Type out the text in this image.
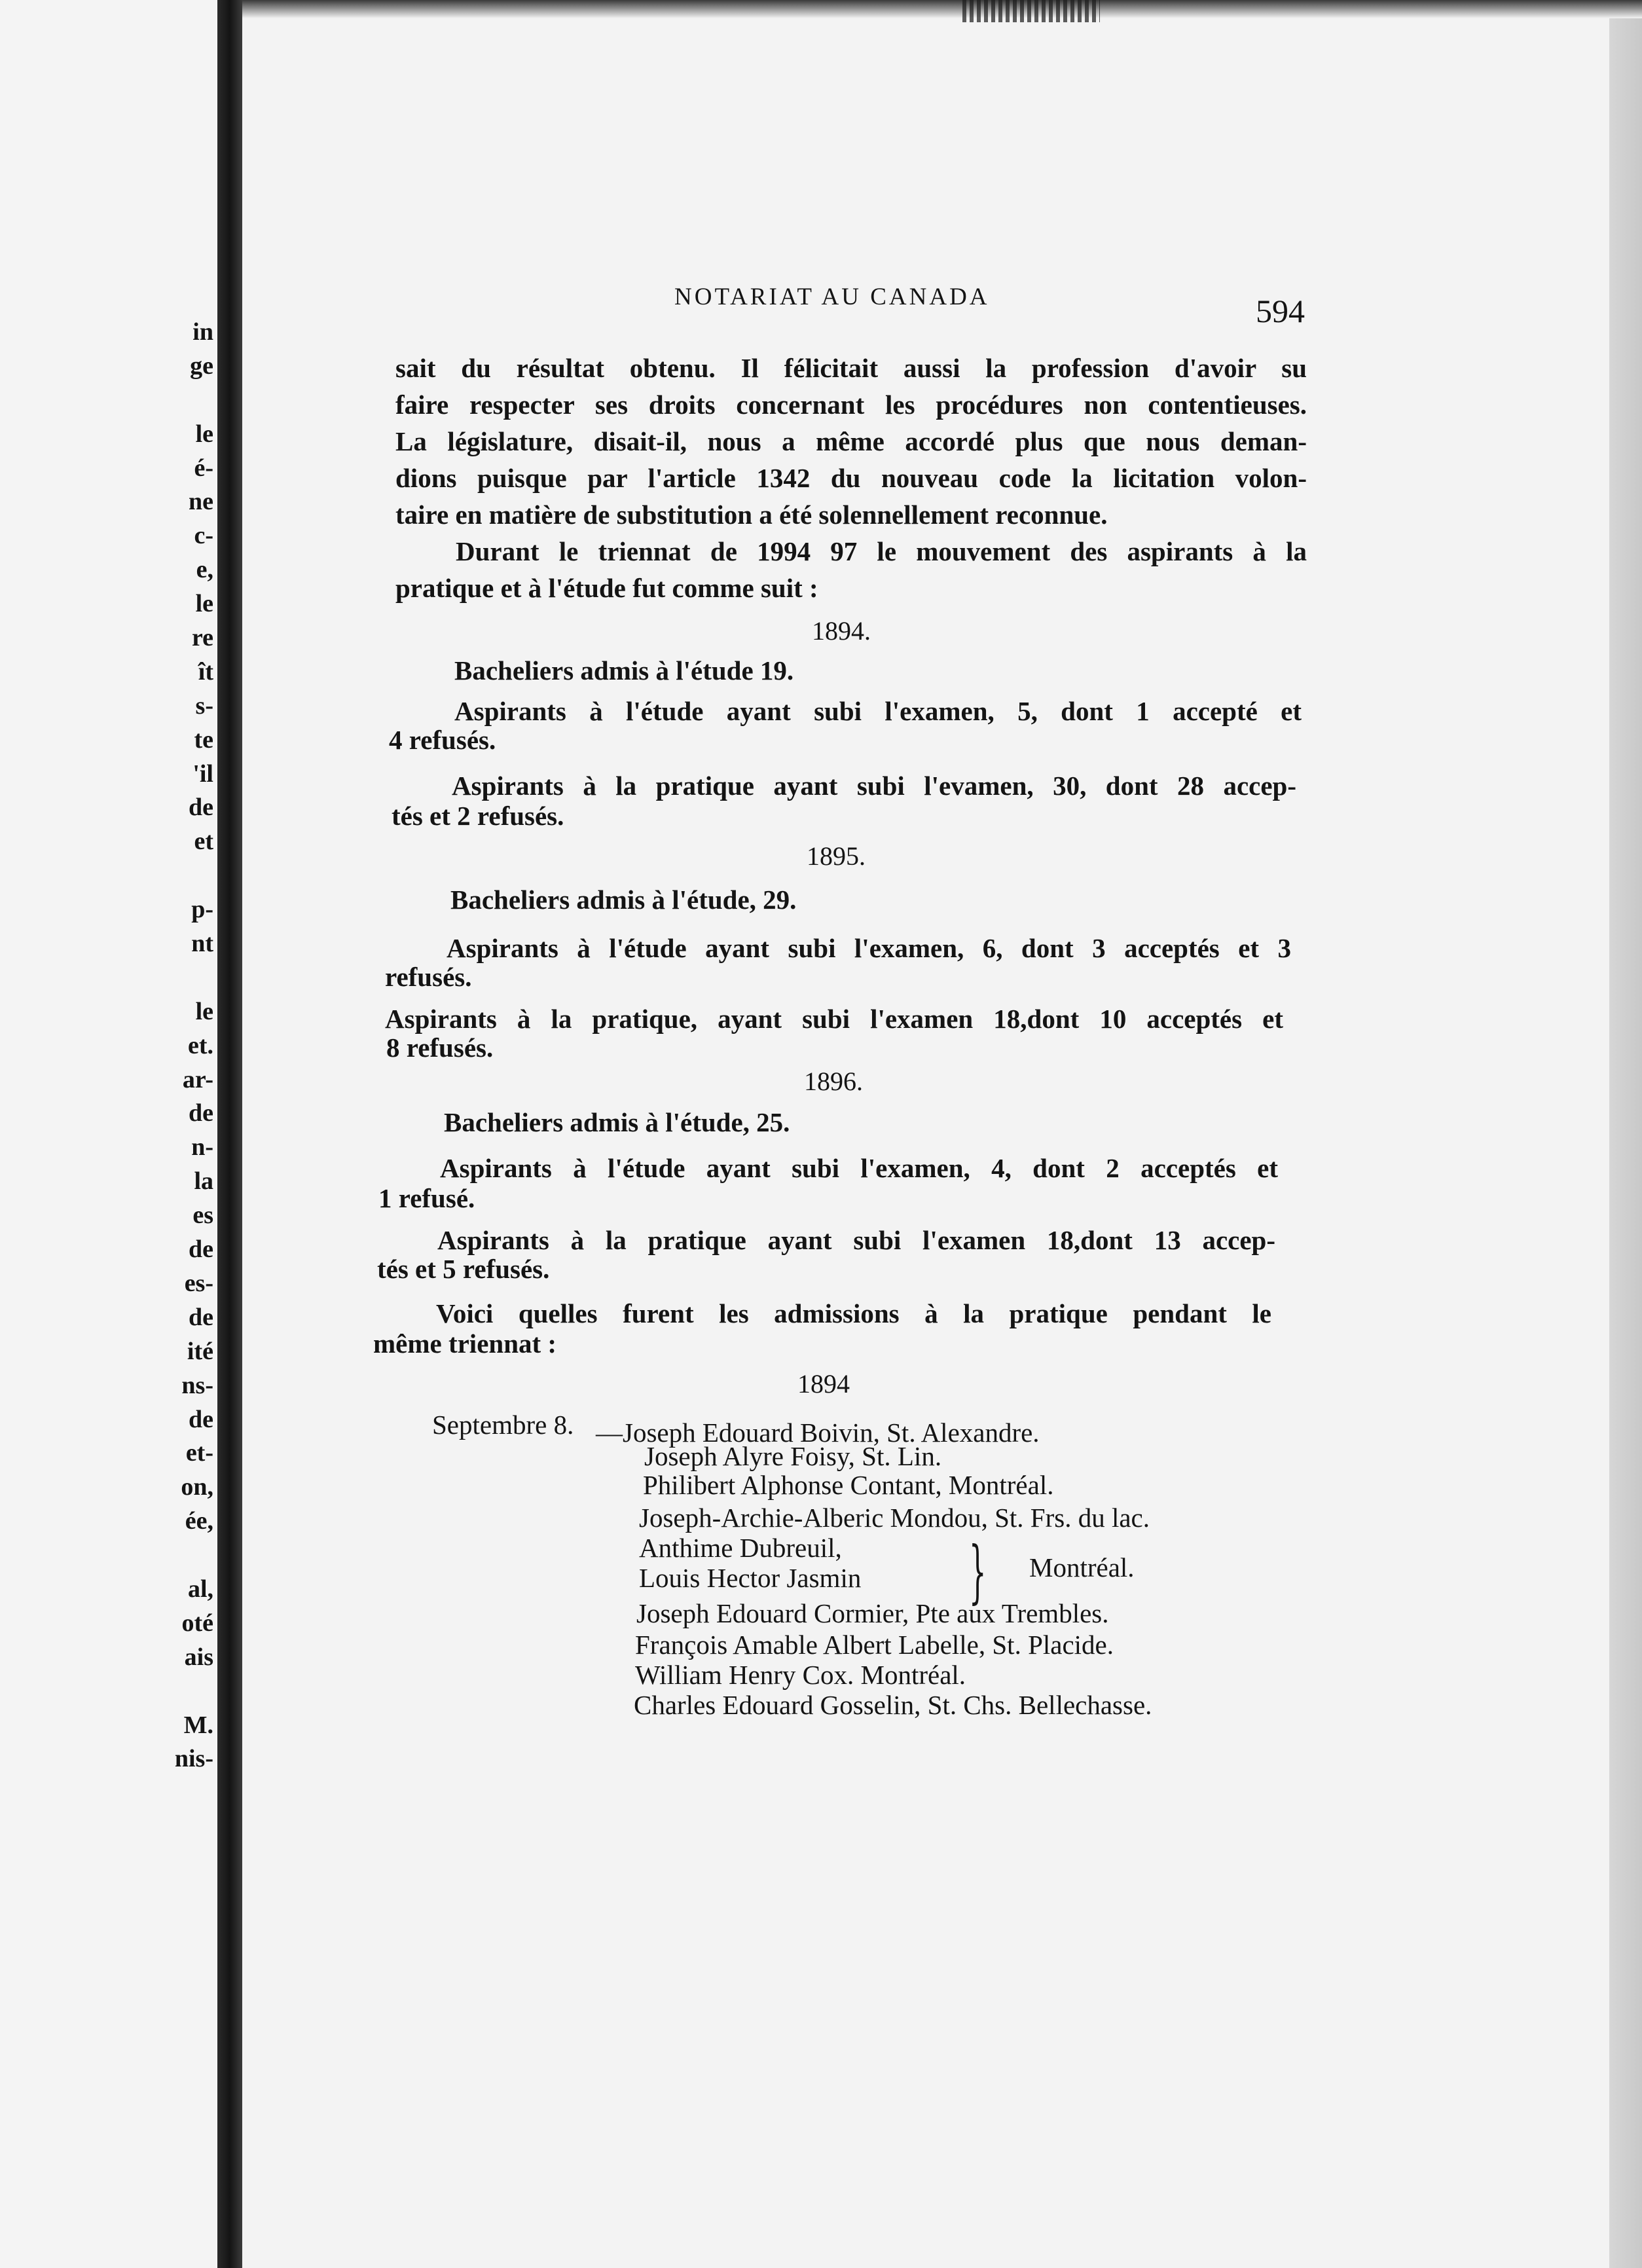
in
ge
le
é-
ne
c-
e,
le
re
ît
s-
te
'il
de
et
p-
nt
le
et.
ar-
de
n-
la
es
de
es-
de
ité
ns-
de
et-
on,
ée,
al,
oté
ais
M.
nis-
NOTARIAT AU CANADA	594
sait du résultat obtenu. Il félicitait aussi la profession d'avoir su
faire respecter ses droits concernant les procédures non contentieuses.
La législature, disait-il, nous a même accordé plus que nous deman-
dions puisque par l'article 1342 du nouveau code la licitation volon-
taire en matière de substitution a été solennellement reconnue.
Durant le triennat de 1994 97 le mouvement des aspirants à la
pratique et à l'étude fut comme suit :
1894.
Bacheliers admis à l'étude 19.
Aspirants à l'étude ayant subi l'examen, 5, dont 1 accepté et
4 refusés.
Aspirants à la pratique ayant subi l'evamen, 30, dont 28 accep-
tés et 2 refusés.
1895.
Bacheliers admis à l'étude, 29.
Aspirants à l'étude ayant subi l'examen, 6, dont 3 acceptés et 3
refusés.
Aspirants à la pratique, ayant subi l'examen 18,dont 10 acceptés et
8 refusés.
1896.
Bacheliers admis à l'étude, 25.
Aspirants à l'étude ayant subi l'examen, 4, dont 2 acceptés et
1 refusé.
Aspirants à la pratique ayant subi l'examen 18,dont 13 accep-
tés et 5 refusés.
Voici quelles furent les admissions à la pratique pendant le
même triennat :
1894
Septembre 8. —Joseph Edouard Boivin, St. Alexandre.
Joseph Alyre Foisy, St. Lin.
Philibert Alphonse Contant, Montréal.
Joseph-Archie-Alberic Mondou, St. Frs. du lac.
Anthime Dubreuil,
Louis Hector Jasmin } Montréal.
Joseph Edouard Cormier, Pte aux Trembles.
François Amable Albert Labelle, St. Placide.
William Henry Cox. Montréal.
Charles Edouard Gosselin, St. Chs. Bellechasse.
